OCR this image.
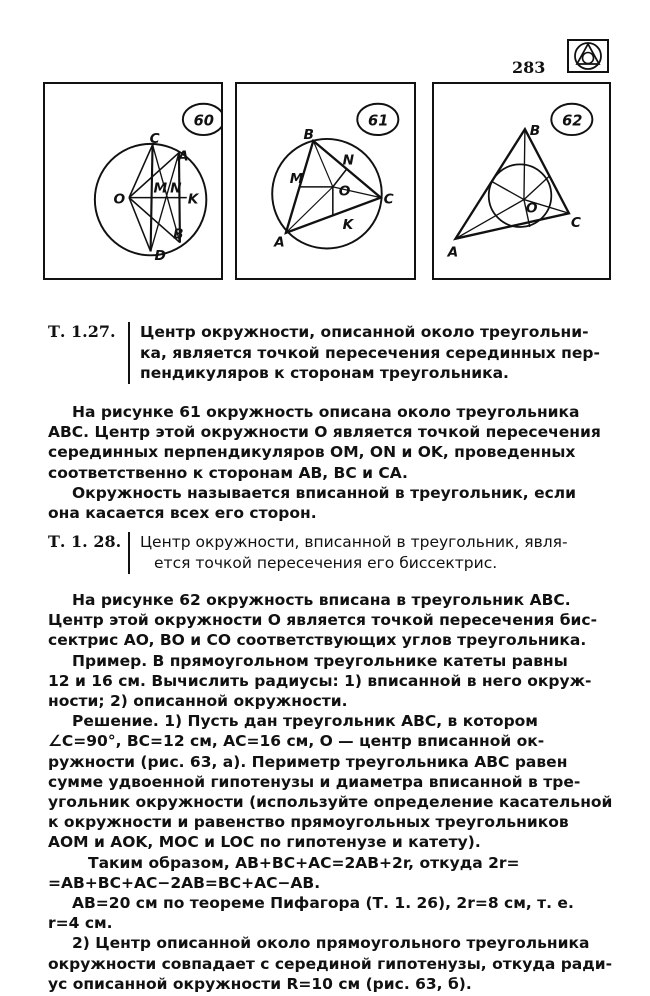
283
60
C
A
O
M N
K
B
D
61
B
N
M
O C
K
A
62
B
O
C
A
Т. 1.27. Центр окружности, описанной около треугольни-
ка, является точкой пересечения серединных пер-
пендикуляров к сторонам треугольника.
На рисунке 61 окружность описана около треугольника
ABC. Центр этой окружности O является точкой пересечения
серединных перпендикуляров OM, ON и OK, проведенных
соответственно к сторонам AB, BC и CA.
Окружность называется вписанной в треугольник, если
она касается всех его сторон.
Т. 1. 28. Центр окружности, вписанной в треугольник, явля-
ется точкой пересечения его биссектрис.
На рисунке 62 окружность вписана в треугольник ABC.
Центр этой окружности O является точкой пересечения бис-
сектрис AO, BO и CO соответствующих углов треугольника.
Пример. В прямоугольном треугольнике катеты равны
12 и 16 см. Вычислить радиусы: 1) вписанной в него окруж-
ности; 2) описанной окружности.
Решение. 1) Пусть дан треугольник ABC, в котором
∠C=90°, BC=12 см, AC=16 см, O — центр вписанной ок-
ружности (рис. 63, а). Периметр треугольника ABC равен
сумме удвоенной гипотенузы и диаметра вписанной в тре-
угольник окружности (используйте определение касательной
к окружности и равенство прямоугольных треугольников
AOM и AOK, MOC и LOC по гипотенузе и катету).
Таким образом, AB+BC+AC=2AB+2r, откуда 2r=
=AB+BC+AC−2AB=BC+AC−AB.
AB=20 см по теореме Пифагора (Т. 1. 26), 2r=8 см, т. е.
r=4 см.
2) Центр описанной около прямоугольного треугольника
окружности совпадает с серединой гипотенузы, откуда ради-
ус описанной окружности R=10 см (рис. 63, б).
